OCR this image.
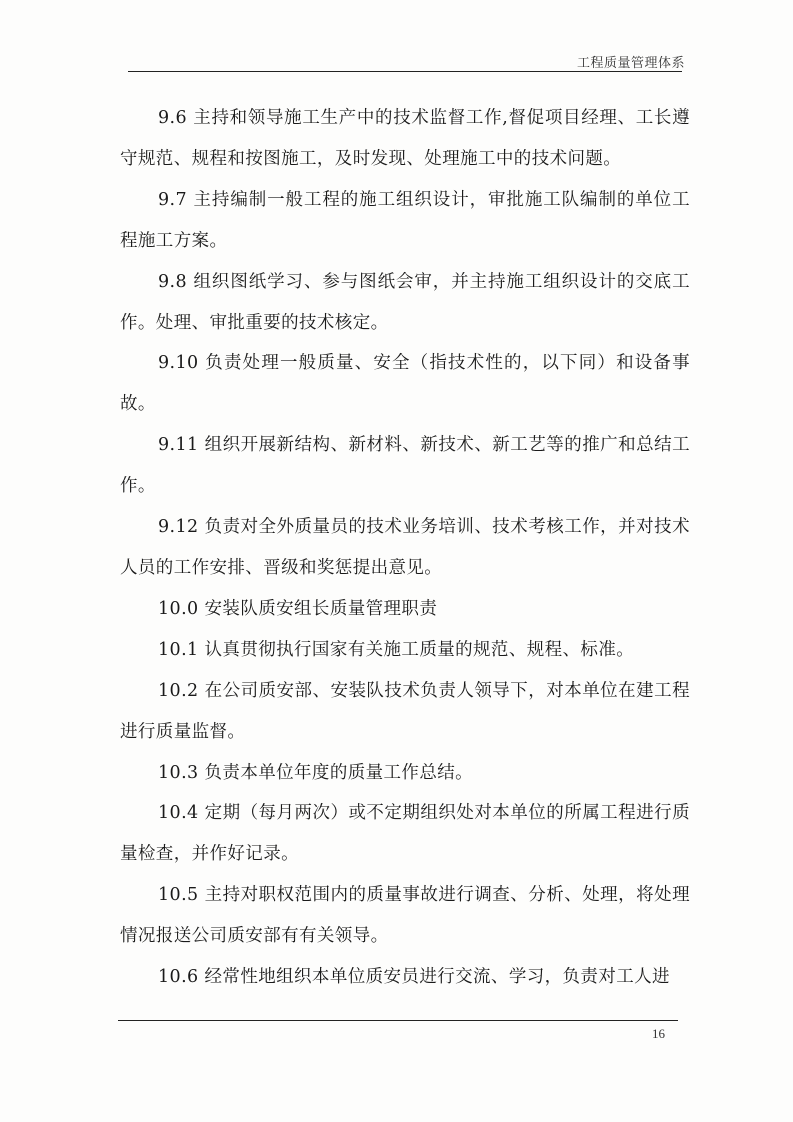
工程质量管理体系

9.6 主持和领导施工生产中的技术监督工作,督促项目经理、工长遵守规范、规程和按图施工，及时发现、处理施工中的技术问题。

9.7 主持编制一般工程的施工组织设计，审批施工队编制的单位工程施工方案。

9.8 组织图纸学习、参与图纸会审，并主持施工组织设计的交底工作。处理、审批重要的技术核定。

9.10 负责处理一般质量、安全（指技术性的，以下同）和设备事故。

9.11 组织开展新结构、新材料、新技术、新工艺等的推广和总结工作。

9.12 负责对全外质量员的技术业务培训、技术考核工作，并对技术人员的工作安排、晋级和奖惩提出意见。

10.0 安装队质安组长质量管理职责

10.1 认真贯彻执行国家有关施工质量的规范、规程、标准。

10.2 在公司质安部、安装队技术负责人领导下，对本单位在建工程进行质量监督。

10.3 负责本单位年度的质量工作总结。

10.4 定期（每月两次）或不定期组织处对本单位的所属工程进行质量检查，并作好记录。

10.5 主持对职权范围内的质量事故进行调查、分析、处理，将处理情况报送公司质安部有有关领导。

10.6 经常性地组织本单位质安员进行交流、学习，负责对工人进

16
